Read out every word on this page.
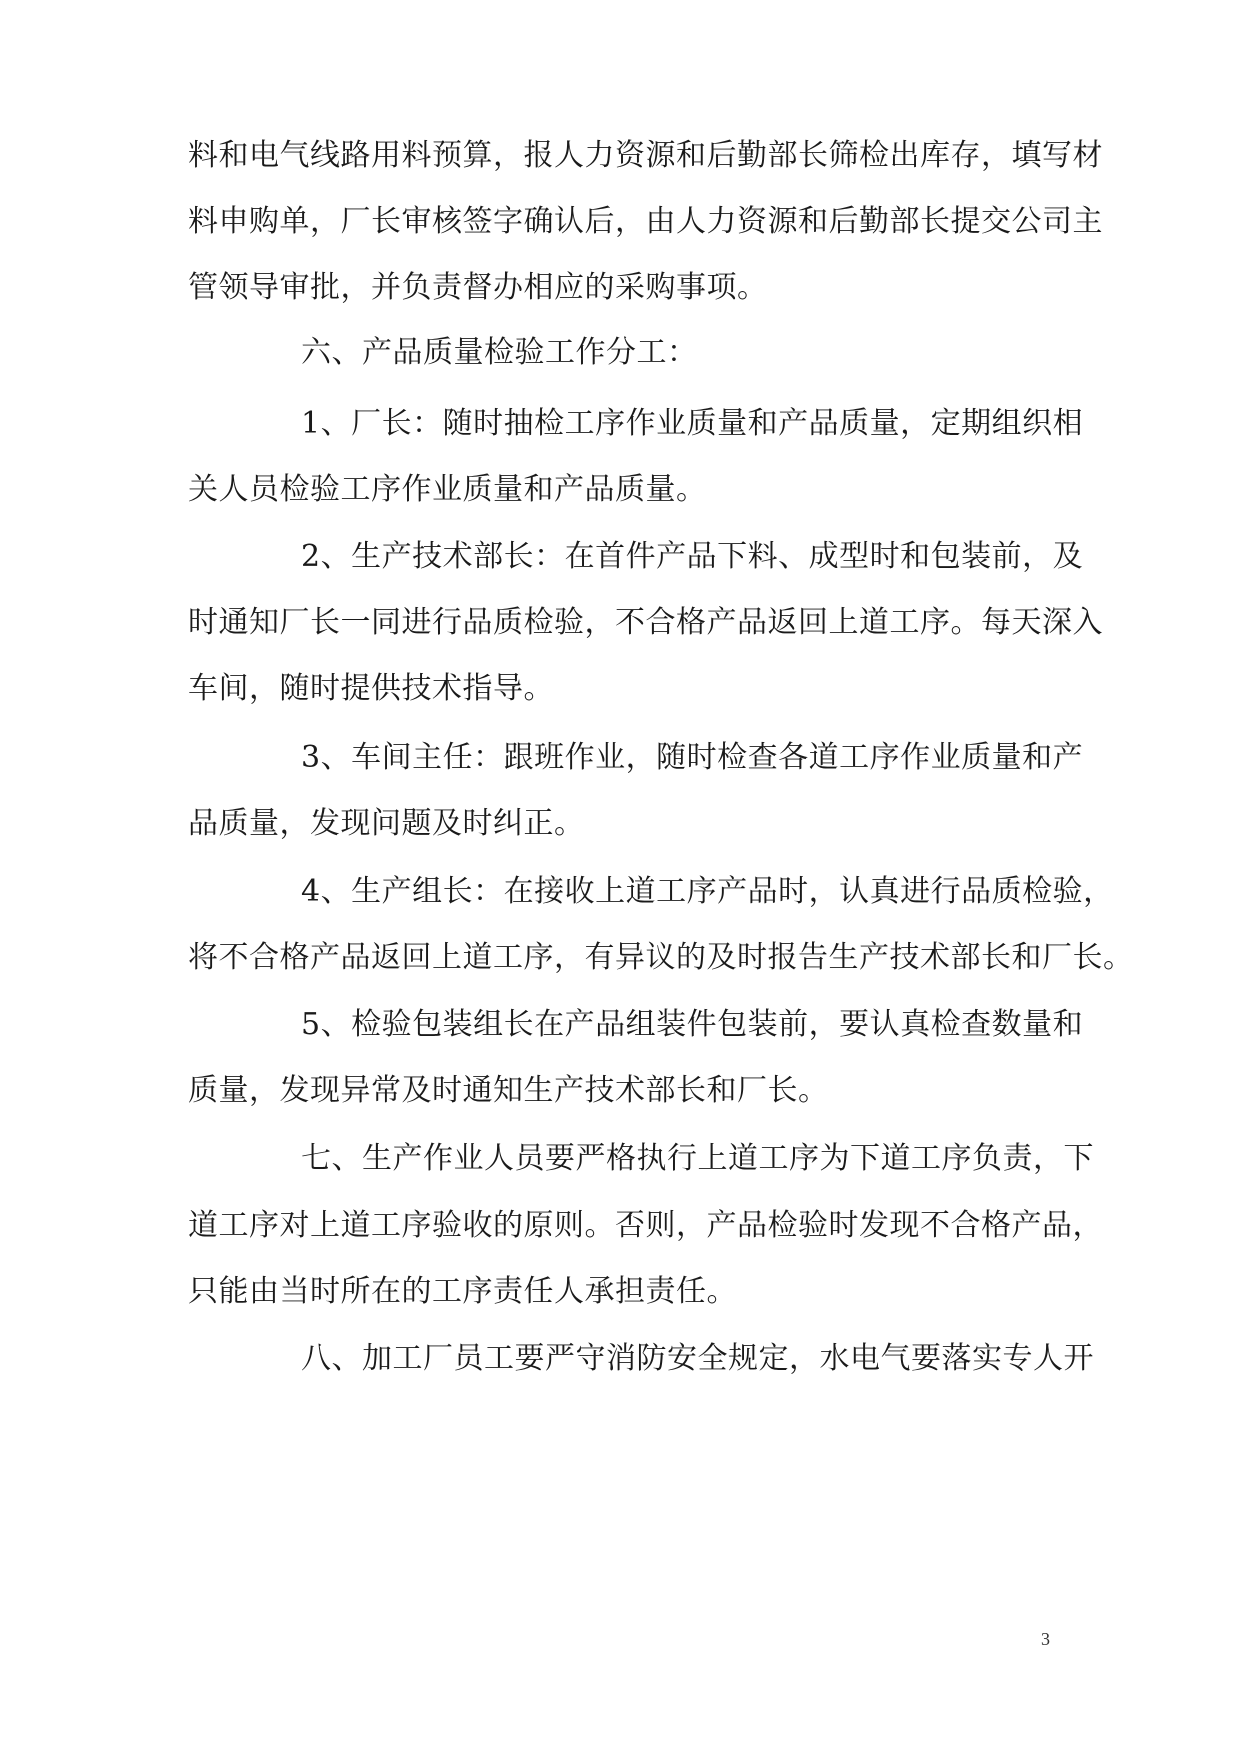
料和电气线路用料预算，报人力资源和后勤部长筛检出库存，填写材
料申购单，厂长审核签字确认后，由人力资源和后勤部长提交公司主
管领导审批，并负责督办相应的采购事项。
六、产品质量检验工作分工：
1、厂长：随时抽检工序作业质量和产品质量，定期组织相
关人员检验工序作业质量和产品质量。
2、生产技术部长：在首件产品下料、成型时和包装前，及
时通知厂长一同进行品质检验，不合格产品返回上道工序。每天深入
车间，随时提供技术指导。
3、车间主任：跟班作业，随时检查各道工序作业质量和产
品质量，发现问题及时纠正。
4、生产组长：在接收上道工序产品时，认真进行品质检验，
将不合格产品返回上道工序，有异议的及时报告生产技术部长和厂长。
5、检验包装组长在产品组装件包装前，要认真检查数量和
质量，发现异常及时通知生产技术部长和厂长。
七、生产作业人员要严格执行上道工序为下道工序负责，下
道工序对上道工序验收的原则。否则，产品检验时发现不合格产品，
只能由当时所在的工序责任人承担责任。
八、加工厂员工要严守消防安全规定，水电气要落实专人开
3
